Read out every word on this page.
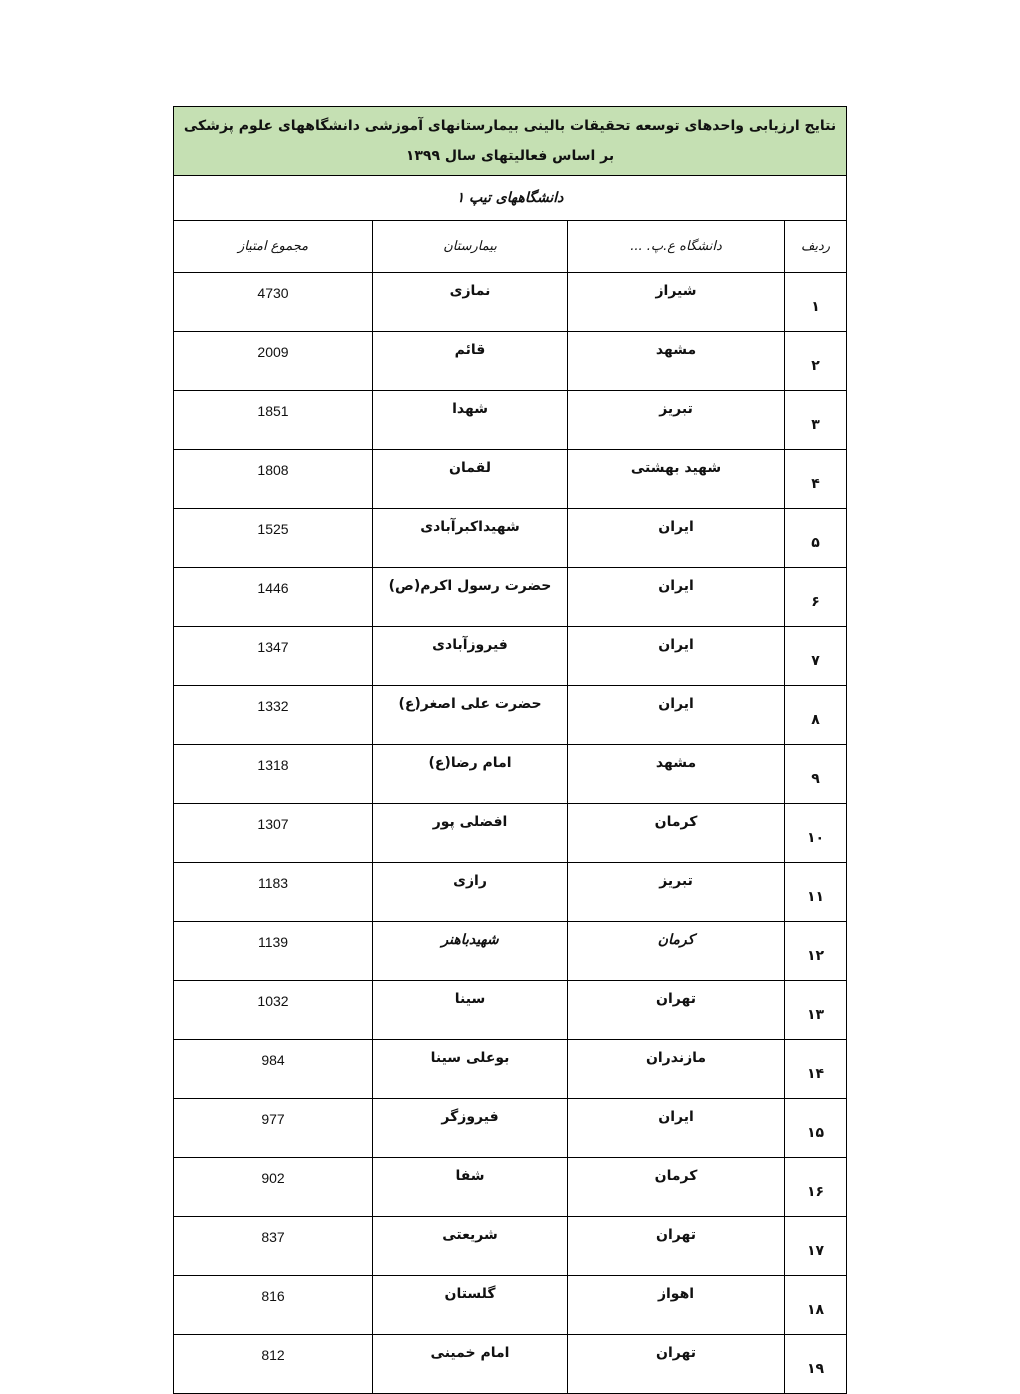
نتایج ارزیابی واحدهای توسعه تحقیقات بالینی بیمارستانهای آموزشی دانشگاههای علوم پزشکی
بر اساس فعالیتهای سال ۱۳۹۹			

دانشگاههای تیپ ۱			
ردیف	دانشگاه ع.پ. ...	بیمارستان	مجموع امتیاز
۱	شیراز	نمازی	4730
۲	مشهد	قائم	2009
۳	تبریز	شهدا	1851
۴	شهید بهشتی	لقمان	1808
۵	ایران	شهیداکبرآبادی	1525
۶	ایران	حضرت رسول اکرم(ص)	1446
۷	ایران	فیروزآبادی	1347
۸	ایران	حضرت علی اصغر(ع)	1332
۹	مشهد	امام رضا(ع)	1318
۱۰	کرمان	افضلی پور	1307
۱۱	تبریز	رازی	1183
۱۲	کرمان	شهیدباهنر	1139
۱۳	تهران	سینا	1032
۱۴	مازندران	بوعلی سینا	984
۱۵	ایران	فیروزگر	977
۱۶	کرمان	شفا	902
۱۷	تهران	شریعتی	837
۱۸	اهواز	گلستان	816
۱۹	تهران	امام خمینی	812
